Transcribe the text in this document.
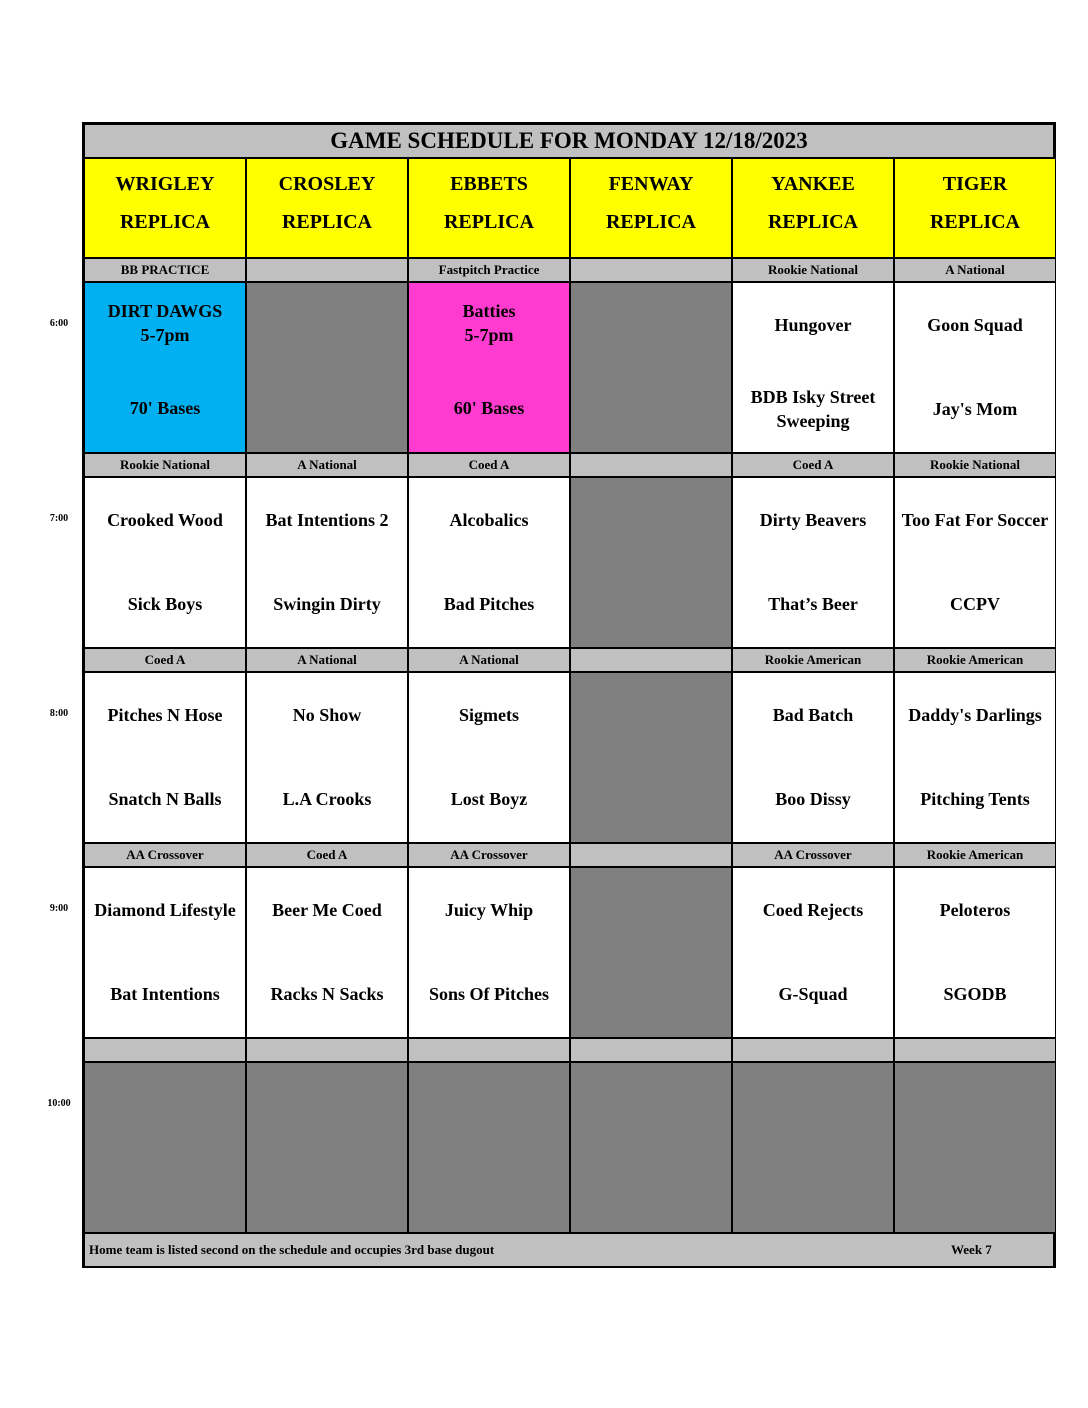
6:00
7:00
8:00
9:00
10:00
GAME SCHEDULE FOR MONDAY 12/18/2023
WRIGLEY
REPLICA
CROSLEY
REPLICA
EBBETS
REPLICA
FENWAY
REPLICA
YANKEE
REPLICA
TIGER
REPLICA
BB PRACTICE
DIRT DAWGS
5-7pm
70' Bases
Fastpitch Practice
Batties
5-7pm
60' Bases
Rookie National
Hungover
BDB Isky Street Sweeping
A National
Goon Squad
Jay's Mom
Rookie National
Crooked Wood
Sick Boys
A National
Bat Intentions 2
Swingin Dirty
Coed A
Alcobalics
Bad Pitches
Coed A
Dirty Beavers
That’s Beer
Rookie National
Too Fat For Soccer
CCPV
Coed A
Pitches N Hose
Snatch N Balls
A National
No Show
L.A Crooks
A National
Sigmets
Lost Boyz
Rookie American
Bad Batch
Boo Dissy
Rookie American
Daddy's Darlings
Pitching Tents
AA Crossover
Diamond Lifestyle
Bat Intentions
Coed A
Beer Me Coed
Racks N Sacks
AA Crossover
Juicy Whip
Sons Of Pitches
AA Crossover
Coed Rejects
G-Squad
Rookie American
Peloteros
SGODB
Home team is listed second on the schedule and occupies 3rd base dugout	Week 7
